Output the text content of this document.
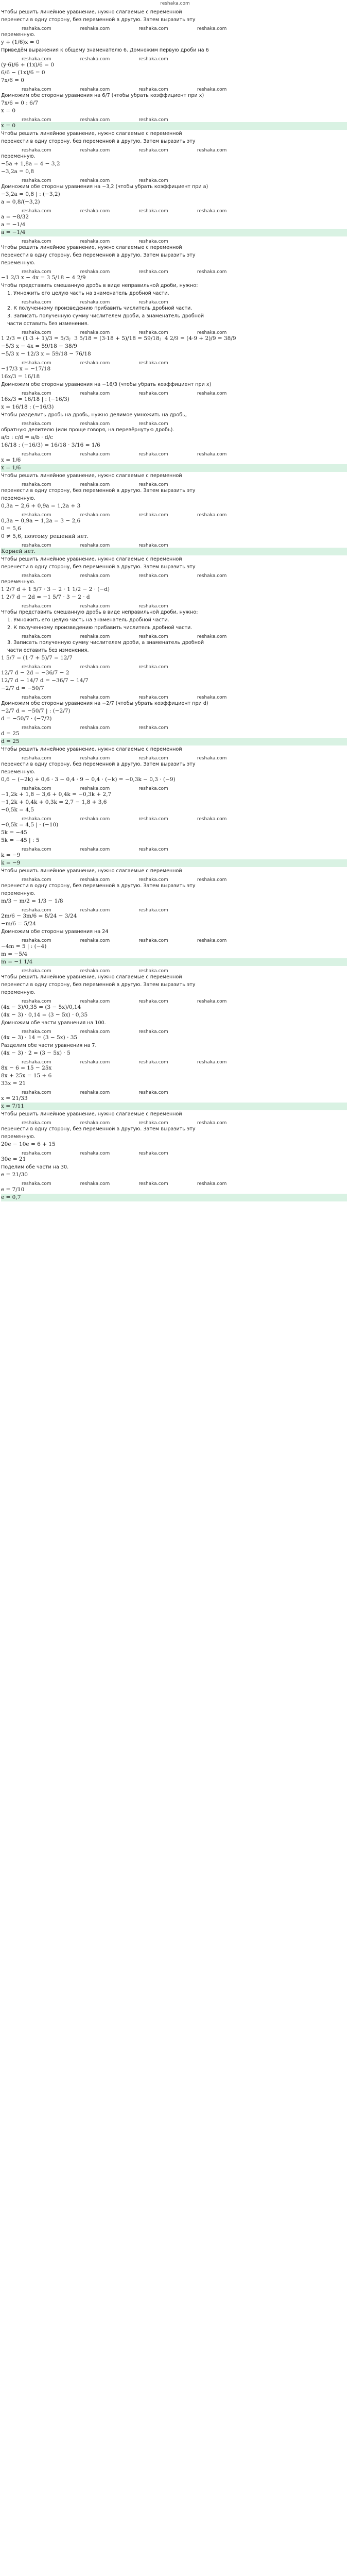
reshaka.com
Чтобы решить линейное уравнение, нужно слагаемые с переменной
перенести в одну сторону, без переменной в другую. Затем выразить эту
reshaka.com	reshaka.com	reshaka.com	reshaka.com
переменную.
y + (1/6)x = 0
Приведём выражения к общему знаменателю 6. Домножим первую дроби на 6
reshaka.com	reshaka.com	reshaka.com
(y·6)/6 + (1x)/6 = 0
6/6 − (1x)/6 = 0
7x/6 = 0
reshaka.com	reshaka.com	reshaka.com	reshaka.com
Домножим обе стороны уравнения на 6/7 (чтобы убрать коэффициент при x)
7x/6 = 0 : 6/7
x = 0
reshaka.com	reshaka.com	reshaka.com
x = 0
Чтобы решить линейное уравнение, нужно слагаемые с переменной
перенести в одну сторону, без переменной в другую. Затем выразить эту
reshaka.com	reshaka.com	reshaka.com	reshaka.com
переменную.
−5a + 1,8a = 4 − 3,2
−3,2a = 0,8
reshaka.com	reshaka.com	reshaka.com
Домножим обе стороны уравнения на −3,2 (чтобы убрать коэффициент при a)
−3,2a = 0,8 | : (−3,2)
a = 0,8/(−3,2)
reshaka.com	reshaka.com	reshaka.com	reshaka.com
a = −8/32
a = −1/4
a = −1/4
reshaka.com	reshaka.com	reshaka.com
Чтобы решить линейное уравнение, нужно слагаемые с переменной
перенести в одну сторону, без переменной в другую. Затем выразить эту
переменную.
reshaka.com	reshaka.com	reshaka.com	reshaka.com
−1 2/3 x − 4x = 3 5/18 − 4 2/9
Чтобы представить смешанную дробь в виде неправильной дроби, нужно:
1. Умножить его целую часть на знаменатель дробной части.
reshaka.com	reshaka.com	reshaka.com
2. К полученному произведению прибавить числитель дробной части.
3. Записать полученную сумму числителем дроби, а знаменатель дробной
части оставить без изменения.
reshaka.com	reshaka.com	reshaka.com	reshaka.com
1 2/3 = (1·3 + 1)/3 = 5/3;  3 5/18 = (3·18 + 5)/18 = 59/18;  4 2/9 = (4·9 + 2)/9 = 38/9
−5/3 x − 4x = 59/18 − 38/9
−5/3 x − 12/3 x = 59/18 − 76/18
reshaka.com	reshaka.com	reshaka.com
−17/3 x = −17/18
16x/3 = 16/18
Домножим обе стороны уравнения на −16/3 (чтобы убрать коэффициент при x)
reshaka.com	reshaka.com	reshaka.com	reshaka.com
16x/3 = 16/18 | : (−16/3)
x = 16/18 : (−16/3)
Чтобы разделить дробь на дробь, нужно делимое умножить на дробь,
reshaka.com	reshaka.com	reshaka.com
обратную делителю (или проще говоря, на перевёрнутую дробь).
a/b : c/d = a/b · d/c
16/18 : (−16/3) = 16/18 · 3/16 = 1/6
reshaka.com	reshaka.com	reshaka.com	reshaka.com
x = 1/6
x = 1/6
Чтобы решить линейное уравнение, нужно слагаемые с переменной
reshaka.com	reshaka.com	reshaka.com
перенести в одну сторону, без переменной в другую. Затем выразить эту
переменную.
0,3a − 2,6 + 0,9a = 1,2a + 3
reshaka.com	reshaka.com	reshaka.com	reshaka.com
0,3a − 0,9a − 1,2a = 3 − 2,6
0 = 5,6
0 ≠ 5,6, поэтому решений нет.
reshaka.com	reshaka.com	reshaka.com
Корней нет.
Чтобы решить линейное уравнение, нужно слагаемые с переменной
перенести в одну сторону, без переменной в другую. Затем выразить эту
reshaka.com	reshaka.com	reshaka.com	reshaka.com
переменную.
1 2/7 d + 1 5/7 · 3 − 2 · 1 1/2 − 2 · (−d)
1 2/7 d − 2d = −1 5/7 · 3 − 2 · d
reshaka.com	reshaka.com	reshaka.com
Чтобы представить смешанную дробь в виде неправильной дроби, нужно:
1. Умножить его целую часть на знаменатель дробной части.
2. К полученному произведению прибавить числитель дробной части.
reshaka.com	reshaka.com	reshaka.com	reshaka.com
3. Записать полученную сумму числителем дроби, а знаменатель дробной
части оставить без изменения.
1 5/7 = (1·7 + 5)/7 = 12/7
reshaka.com	reshaka.com	reshaka.com
12/7 d − 2d = −36/7 − 2
12/7 d − 14/7 d = −36/7 − 14/7
−2/7 d = −50/7
reshaka.com	reshaka.com	reshaka.com	reshaka.com
Домножим обе стороны уравнения на −2/7 (чтобы убрать коэффициент при d)
−2/7 d = −50/7 | : (−2/7)
d = −50/7 · (−7/2)
reshaka.com	reshaka.com	reshaka.com
d = 25
d = 25
Чтобы решить линейное уравнение, нужно слагаемые с переменной
reshaka.com	reshaka.com	reshaka.com	reshaka.com
перенести в одну сторону, без переменной в другую. Затем выразить эту
переменную.
0,6 − (−2k) + 0,6 · 3 − 0,4 · 9 − 0,4 · (−k) = −0,3k − 0,3 · (−9)
reshaka.com	reshaka.com	reshaka.com
−1,2k + 1,8 − 3,6 + 0,4k = −0,3k + 2,7
−1,2k + 0,4k + 0,3k = 2,7 − 1,8 + 3,6
−0,5k = 4,5
reshaka.com	reshaka.com	reshaka.com	reshaka.com
−0,5k = 4,5 | · (−10)
5k = −45
5k = −45 | : 5
reshaka.com	reshaka.com	reshaka.com
k = −9
k = −9
Чтобы решить линейное уравнение, нужно слагаемые с переменной
reshaka.com	reshaka.com	reshaka.com	reshaka.com
перенести в одну сторону, без переменной в другую. Затем выразить эту
переменную.
m/3 − m/2 = 1/3 − 1/8
reshaka.com	reshaka.com	reshaka.com
2m/6 − 3m/6 = 8/24 − 3/24
−m/6 = 5/24
Домножим обе стороны уравнения на 24
reshaka.com	reshaka.com	reshaka.com	reshaka.com
−4m = 5 | : (−4)
m = −5/4
m = −1 1/4
reshaka.com	reshaka.com	reshaka.com
Чтобы решить линейное уравнение, нужно слагаемые с переменной
перенести в одну сторону, без переменной в другую. Затем выразить эту
переменную.
reshaka.com	reshaka.com	reshaka.com	reshaka.com
(4x − 3)/0,35 = (3 − 5x)/0,14
(4x − 3) · 0,14 = (3 − 5x) · 0,35
Домножим обе части уравнения на 100.
reshaka.com	reshaka.com	reshaka.com
(4x − 3) · 14 = (3 − 5x) · 35
Разделим обе части уравнения на 7.
(4x − 3) · 2 = (3 − 5x) · 5
reshaka.com	reshaka.com	reshaka.com	reshaka.com
8x − 6 = 15 − 25x
8x + 25x = 15 + 6
33x = 21
reshaka.com	reshaka.com	reshaka.com
x = 21/33
x = 7/11
Чтобы решить линейное уравнение, нужно слагаемые с переменной
reshaka.com	reshaka.com	reshaka.com	reshaka.com
перенести в одну сторону, без переменной в другую. Затем выразить эту
переменную.
20e − 10e = 6 + 15
reshaka.com	reshaka.com	reshaka.com
30e = 21
Поделим обе части на 30.
e = 21/30
reshaka.com	reshaka.com	reshaka.com	reshaka.com
e = 7/10
e = 0,7
